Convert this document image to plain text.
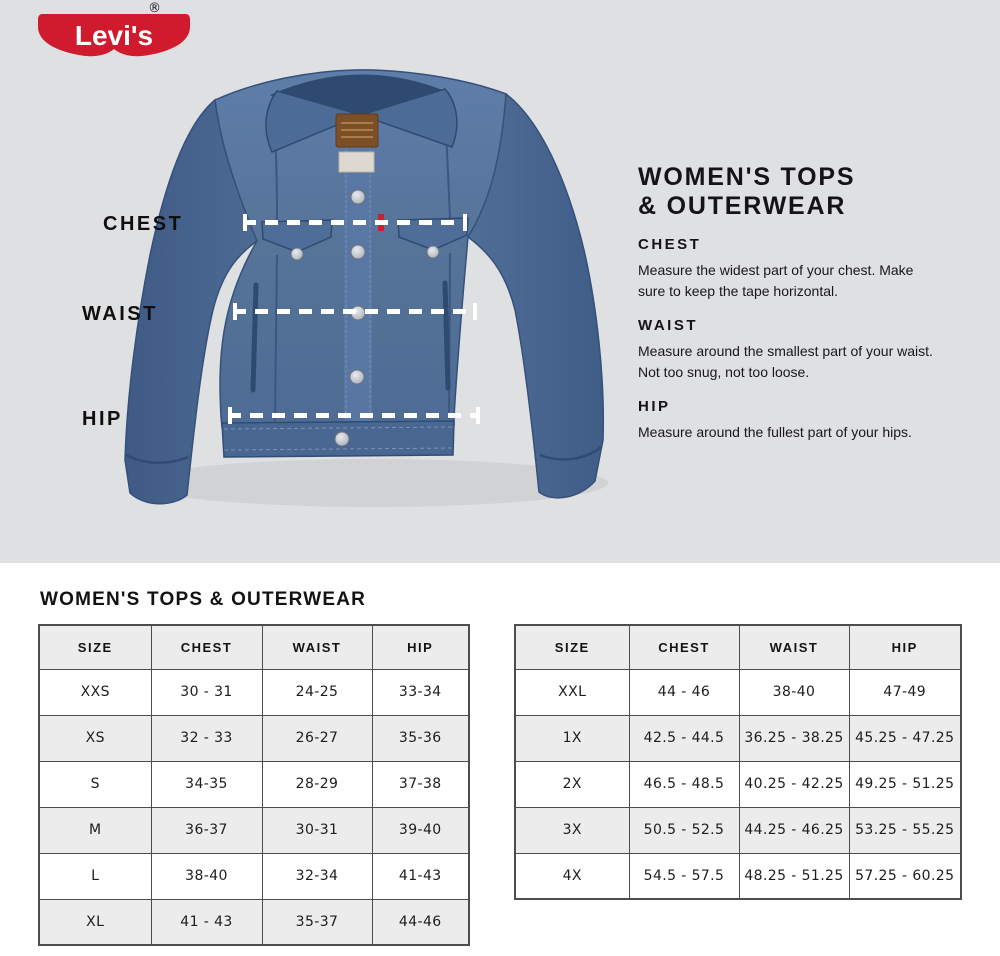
Levi's
®
CHEST
WAIST
HIP
WOMEN'S TOPS
& OUTERWEAR
CHEST

Measure the widest part of your chest. Make sure to keep the tape horizontal.

WAIST

Measure around the smallest part of your waist. Not too snug, not too loose.

HIP

Measure around the fullest part of your hips.

WOMEN'S TOPS & OUTERWEAR
SIZE	CHEST	WAIST	HIP
XXS	30 - 31	24-25	33-34
XS	32 - 33	26-27	35-36
S	34-35	28-29	37-38
M	36-37	30-31	39-40
L	38-40	32-34	41-43
XL	41 - 43	35-37	44-46
SIZE	CHEST	WAIST	HIP
XXL	44 - 46	38-40	47-49
1X	42.5 - 44.5	36.25 - 38.25	45.25 - 47.25
2X	46.5 - 48.5	40.25 - 42.25	49.25 - 51.25
3X	50.5 - 52.5	44.25 - 46.25	53.25 - 55.25
4X	54.5 - 57.5	48.25 - 51.25	57.25 - 60.25
